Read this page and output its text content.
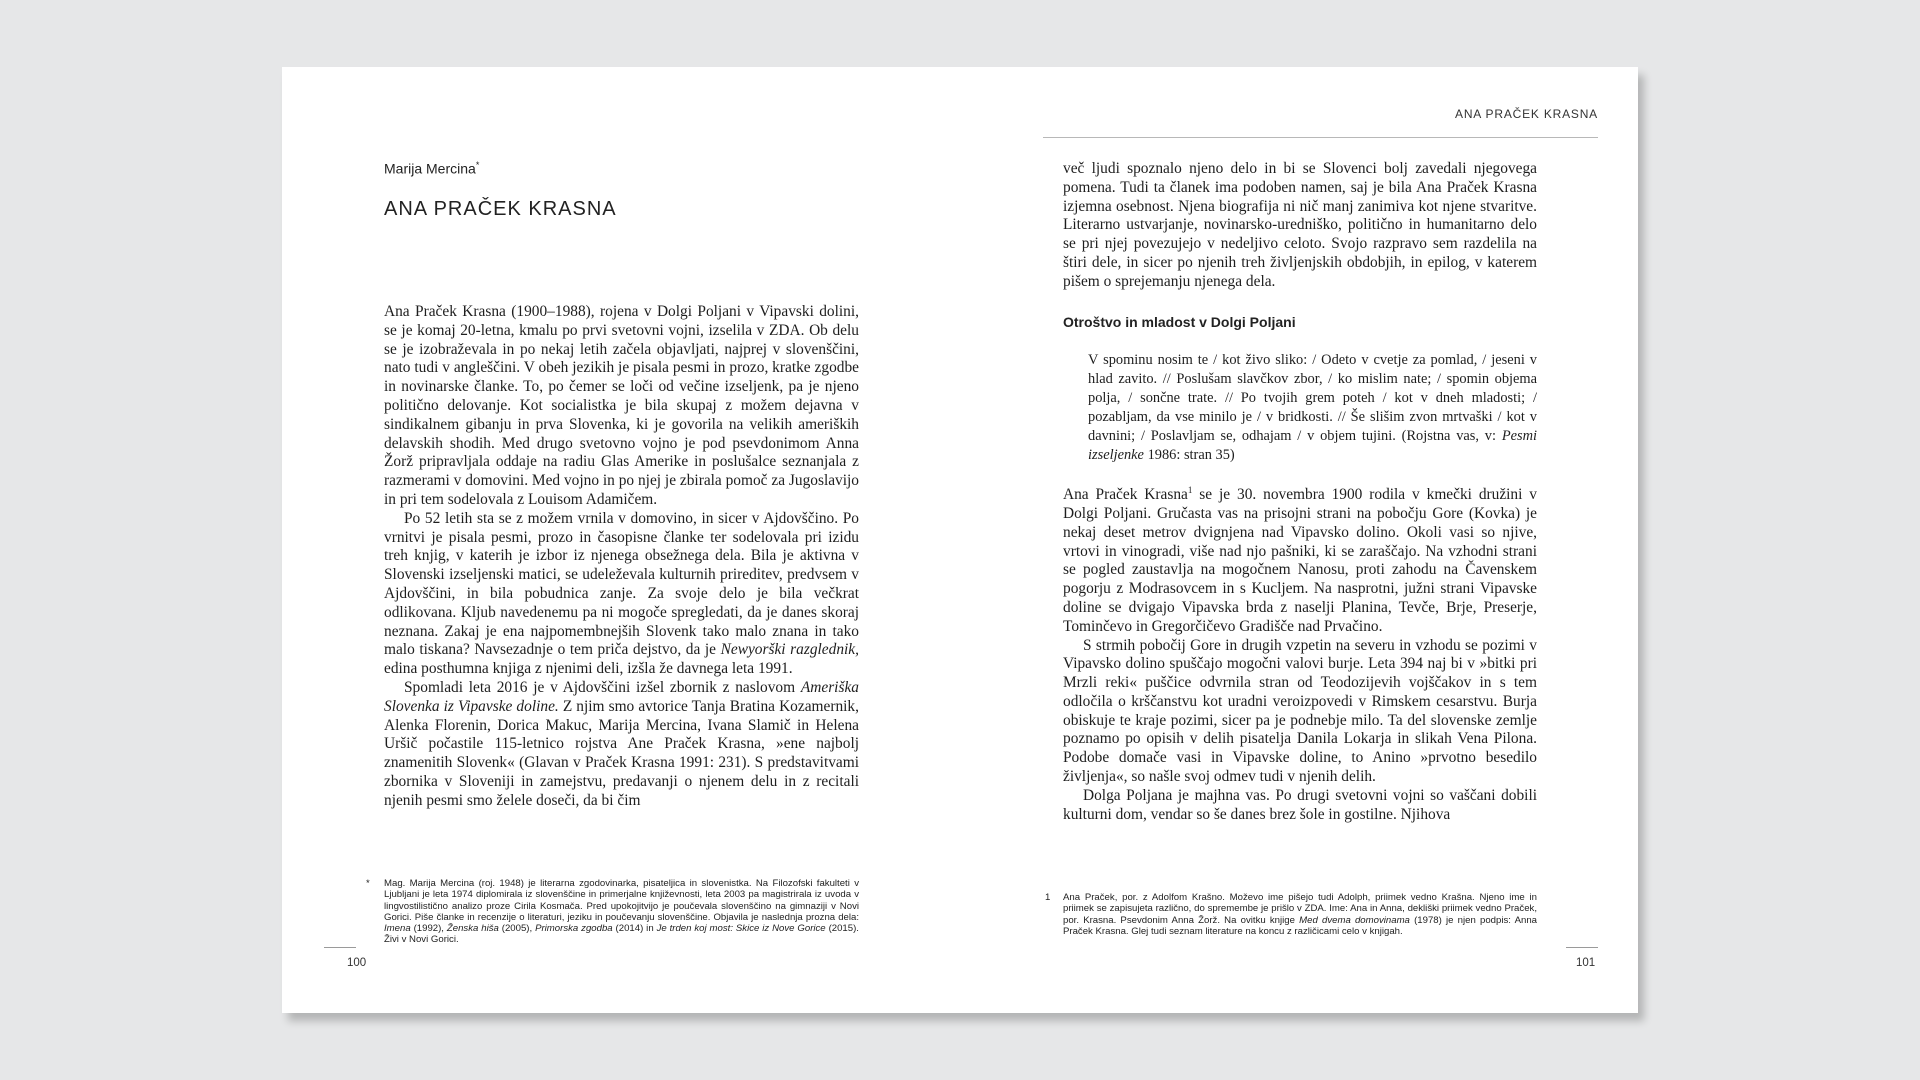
Marija Mercina*
ANA PRAČEK KRASNA

Ana Praček Krasna (1900–1988), rojena v Dolgi Poljani v Vipavski dolini, se je komaj 20-letna, kmalu po prvi svetovni vojni, izselila v ZDA. Ob delu se je izobraževala in po nekaj letih začela objavljati, najprej v slovenščini, nato tudi v angleščini. V obeh jezikih je pisala pesmi in prozo, kratke zgodbe in novinarske članke. To, po čemer se loči od večine izseljenk, pa je njeno politično delovanje. Kot socialistka je bila skupaj z možem dejavna v sindikalnem gibanju in prva Slovenka, ki je govorila na velikih ameriških delavskih shodih. Med drugo svetovno vojno je pod psevdonimom Anna Žorž pripravljala oddaje na radiu Glas Amerike in poslušalce seznanjala z razmerami v domovini. Med vojno in po njej je zbirala pomoč za Jugoslavijo in pri tem sodelovala z Louisom Adamičem.

Po 52 letih sta se z možem vrnila v domovino, in sicer v Ajdovščino. Po vrnitvi je pisala pesmi, prozo in časopisne članke ter sodelovala pri izidu treh knjig, v katerih je izbor iz njenega obsežnega dela. Bila je aktivna v Slovenski izseljenski matici, se udeleževala kulturnih prireditev, predvsem v Ajdovščini, in bila pobudnica zanje. Za svoje delo je bila večkrat odlikovana. Kljub navedenemu pa ni mogoče spregledati, da je danes skoraj neznana. Zakaj je ena najpomembnejših Slovenk tako malo znana in tako malo tiskana? Navsezadnje o tem priča dejstvo, da je Newyorški razglednik, edina posthumna knjiga z njenimi deli, izšla že davnega leta 1991.

Spomladi leta 2016 je v Ajdovščini izšel zbornik z naslovom Ameriška Slovenka iz Vipavske doline. Z njim smo avtorice Tanja Bratina Kozamernik, Alenka Florenin, Dorica Makuc, Marija Mercina, Ivana Slamič in Helena Uršič počastile 115-letnico rojstva Ane Praček Krasna, »ene najbolj znamenitih Slovenk« (Glavan v Praček Krasna 1991: 231). S predstavitvami zbornika v Sloveniji in zamejstvu, predavanji o njenem delu in z recitali njenih pesmi smo želele doseči, da bi čim

* Mag. Marija Mercina (roj. 1948) je literarna zgodovinarka, pisateljica in slovenistka. Na Filozofski fakulteti v Ljubljani je leta 1974 diplomirala iz slovenščine in primerjalne književnosti, leta 2003 pa magistrirala iz uvoda v lingvostilistično analizo proze Cirila Kosmača. Pred upokojitvijo je poučevala slovenščino na gimnaziji v Novi Gorici. Piše članke in recenzije o literaturi, jeziku in poučevanju slovenščine. Objavila je naslednja prozna dela: Imena (1992), Ženska hiša (2005), Primorska zgodba (2014) in Je trden koj most: Skice iz Nove Gorice (2015). Živi v Novi Gorici.

100
ANA PRAČEK KRASNA

več ljudi spoznalo njeno delo in bi se Slovenci bolj zavedali njegovega pomena. Tudi ta članek ima podoben namen, saj je bila Ana Praček Krasna izjemna osebnost. Njena biografija ni nič manj zanimiva kot njene stvaritve. Literarno ustvarjanje, novinarsko-uredniško, politično in humanitarno delo se pri njej povezujejo v nedeljivo celoto. Svojo razpravo sem razdelila na štiri dele, in sicer po njenih treh življenjskih obdobjih, in epilog, v katerem pišem o sprejemanju njenega dela.

Otroštvo in mladost v Dolgi Poljani
V spominu nosim te / kot živo sliko: / Odeto v cvetje za pomlad, / jeseni v hlad zavito. // Poslušam slavčkov zbor, / ko mislim nate; / spomin objema polja, / sončne trate. // Po tvojih grem poteh / kot v dneh mladosti; / pozabljam, da vse minilo je / v bridkosti. // Še slišim zvon mrtvaški / kot v davnini; / Poslavljam se, odhajam / v objem tujini. (Rojstna vas, v: Pesmi izseljenke 1986: stran 35)

Ana Praček Krasna$^1$ se je 30. novembra 1900 rodila v kmečki družini v Dolgi Poljani. Gručasta vas na prisojni strani na pobočju Gore (Kovka) je nekaj deset metrov dvignjena nad Vipavsko dolino. Okoli vasi so njive, vrtovi in vinogradi, više nad njo pašniki, ki se zaraščajo. Na vzhodni strani se pogled zaustavlja na mogočnem Nanosu, proti zahodu na Čavenskem pogorju z Modrasovcem in s Kucljem. Na nasprotni, južni strani Vipavske doline se dvigajo Vipavska brda z naselji Planina, Tevče, Brje, Preserje, Tominčevo in Gregorčičevo Gradišče nad Prvačino.

S strmih pobočij Gore in drugih vzpetin na severu in vzhodu se pozimi v Vipavsko dolino spuščajo mogočni valovi burje. Leta 394 naj bi v »bitki pri Mrzli reki« puščice odvrnila stran od Teodozijevih vojščakov in s tem odločila o krščanstvu kot uradni veroizpovedi v Rimskem cesarstvu. Burja obiskuje te kraje pozimi, sicer pa je podnebje milo. Ta del slovenske zemlje poznamo po opisih v delih pisatelja Danila Lokarja in slikah Vena Pilona. Podobe domače vasi in Vipavske doline, to Anino »prvotno besedilo življenja«, so našle svoj odmev tudi v njenih delih.

Dolga Poljana je majhna vas. Po drugi svetovni vojni so vaščani dobili kulturni dom, vendar so še danes brez šole in gostilne. Njihova

1 Ana Praček, por. z Adolfom Krašno. Moževo ime pišejo tudi Adolph, priimek vedno Krašna. Njeno ime in priimek se zapisujeta različno, do spremembe je prišlo v ZDA. Ime: Ana in Anna, dekliški priimek vedno Praček, por. Krasna. Psevdonim Anna Žorž. Na ovitku knjige Med dvema domovinama (1978) je njen podpis: Anna Praček Krasna. Glej tudi seznam literature na koncu z različicami celo v knjigah.

101
